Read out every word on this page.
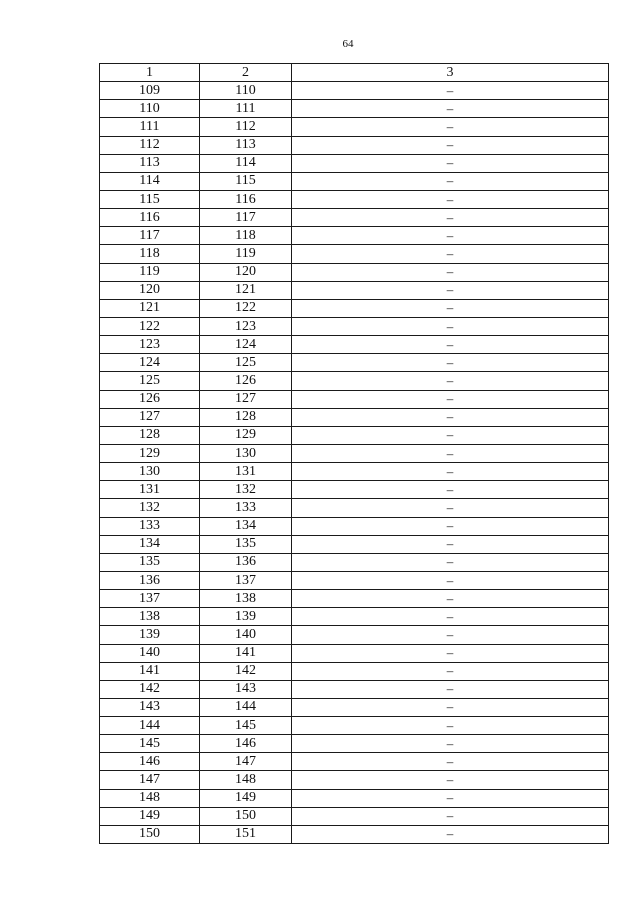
64
1	2	3
109	110	–
110	111	–
111	112	–
112	113	–
113	114	–
114	115	–
115	116	–
116	117	–
117	118	–
118	119	–
119	120	–
120	121	–
121	122	–
122	123	–
123	124	–
124	125	–
125	126	–
126	127	–
127	128	–
128	129	–
129	130	–
130	131	–
131	132	–
132	133	–
133	134	–
134	135	–
135	136	–
136	137	–
137	138	–
138	139	–
139	140	–
140	141	–
141	142	–
142	143	–
143	144	–
144	145	–
145	146	–
146	147	–
147	148	–
148	149	–
149	150	–
150	151	–
